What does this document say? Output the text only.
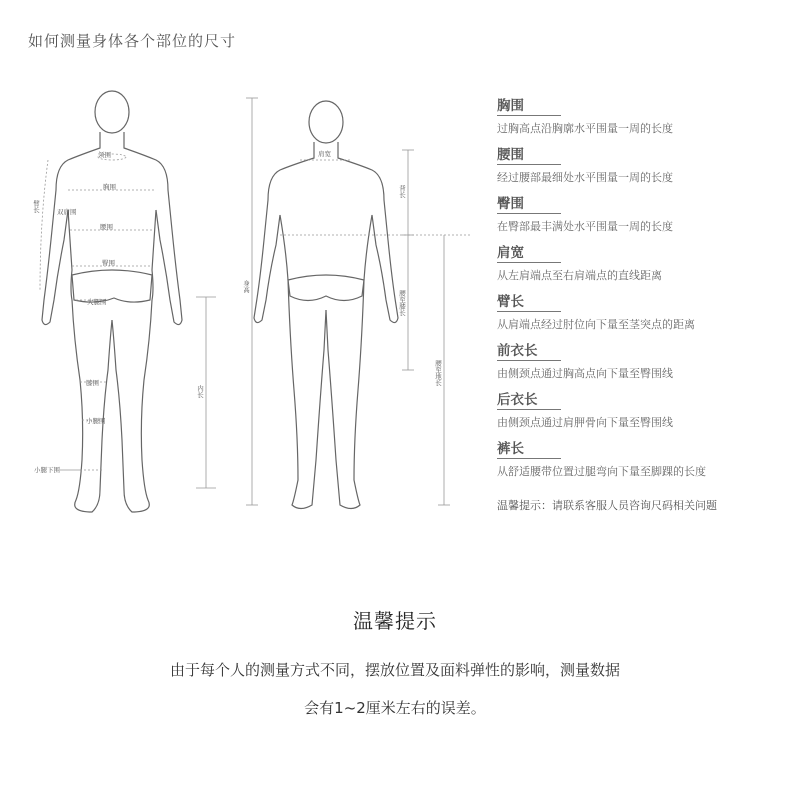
如何测量身体各个部位的尺寸
领围
胸围
双肩围
腰围
臀围
大腿围
膝围
小腿围
小腿下围
臂长
内长
肩宽
身高
背长
腰至膝长
腰至地长
胸围
过胸高点沿胸廓水平围量一周的长度
腰围
经过腰部最细处水平围量一周的长度
臀围
在臀部最丰满处水平围量一周的长度
肩宽
从左肩端点至右肩端点的直线距离
臂长
从肩端点经过肘位向下量至茎突点的距离
前衣长
由侧颈点通过胸高点向下量至臀围线
后衣长
由侧颈点通过肩胛骨向下量至臀围线
裤长
从舒适腰带位置过腿弯向下量至脚踝的长度
温馨提示：请联系客服人员咨询尺码相关问题
温馨提示
由于每个人的测量方式不同，摆放位置及面料弹性的影响，测量数据
会有1~2厘米左右的误差。
